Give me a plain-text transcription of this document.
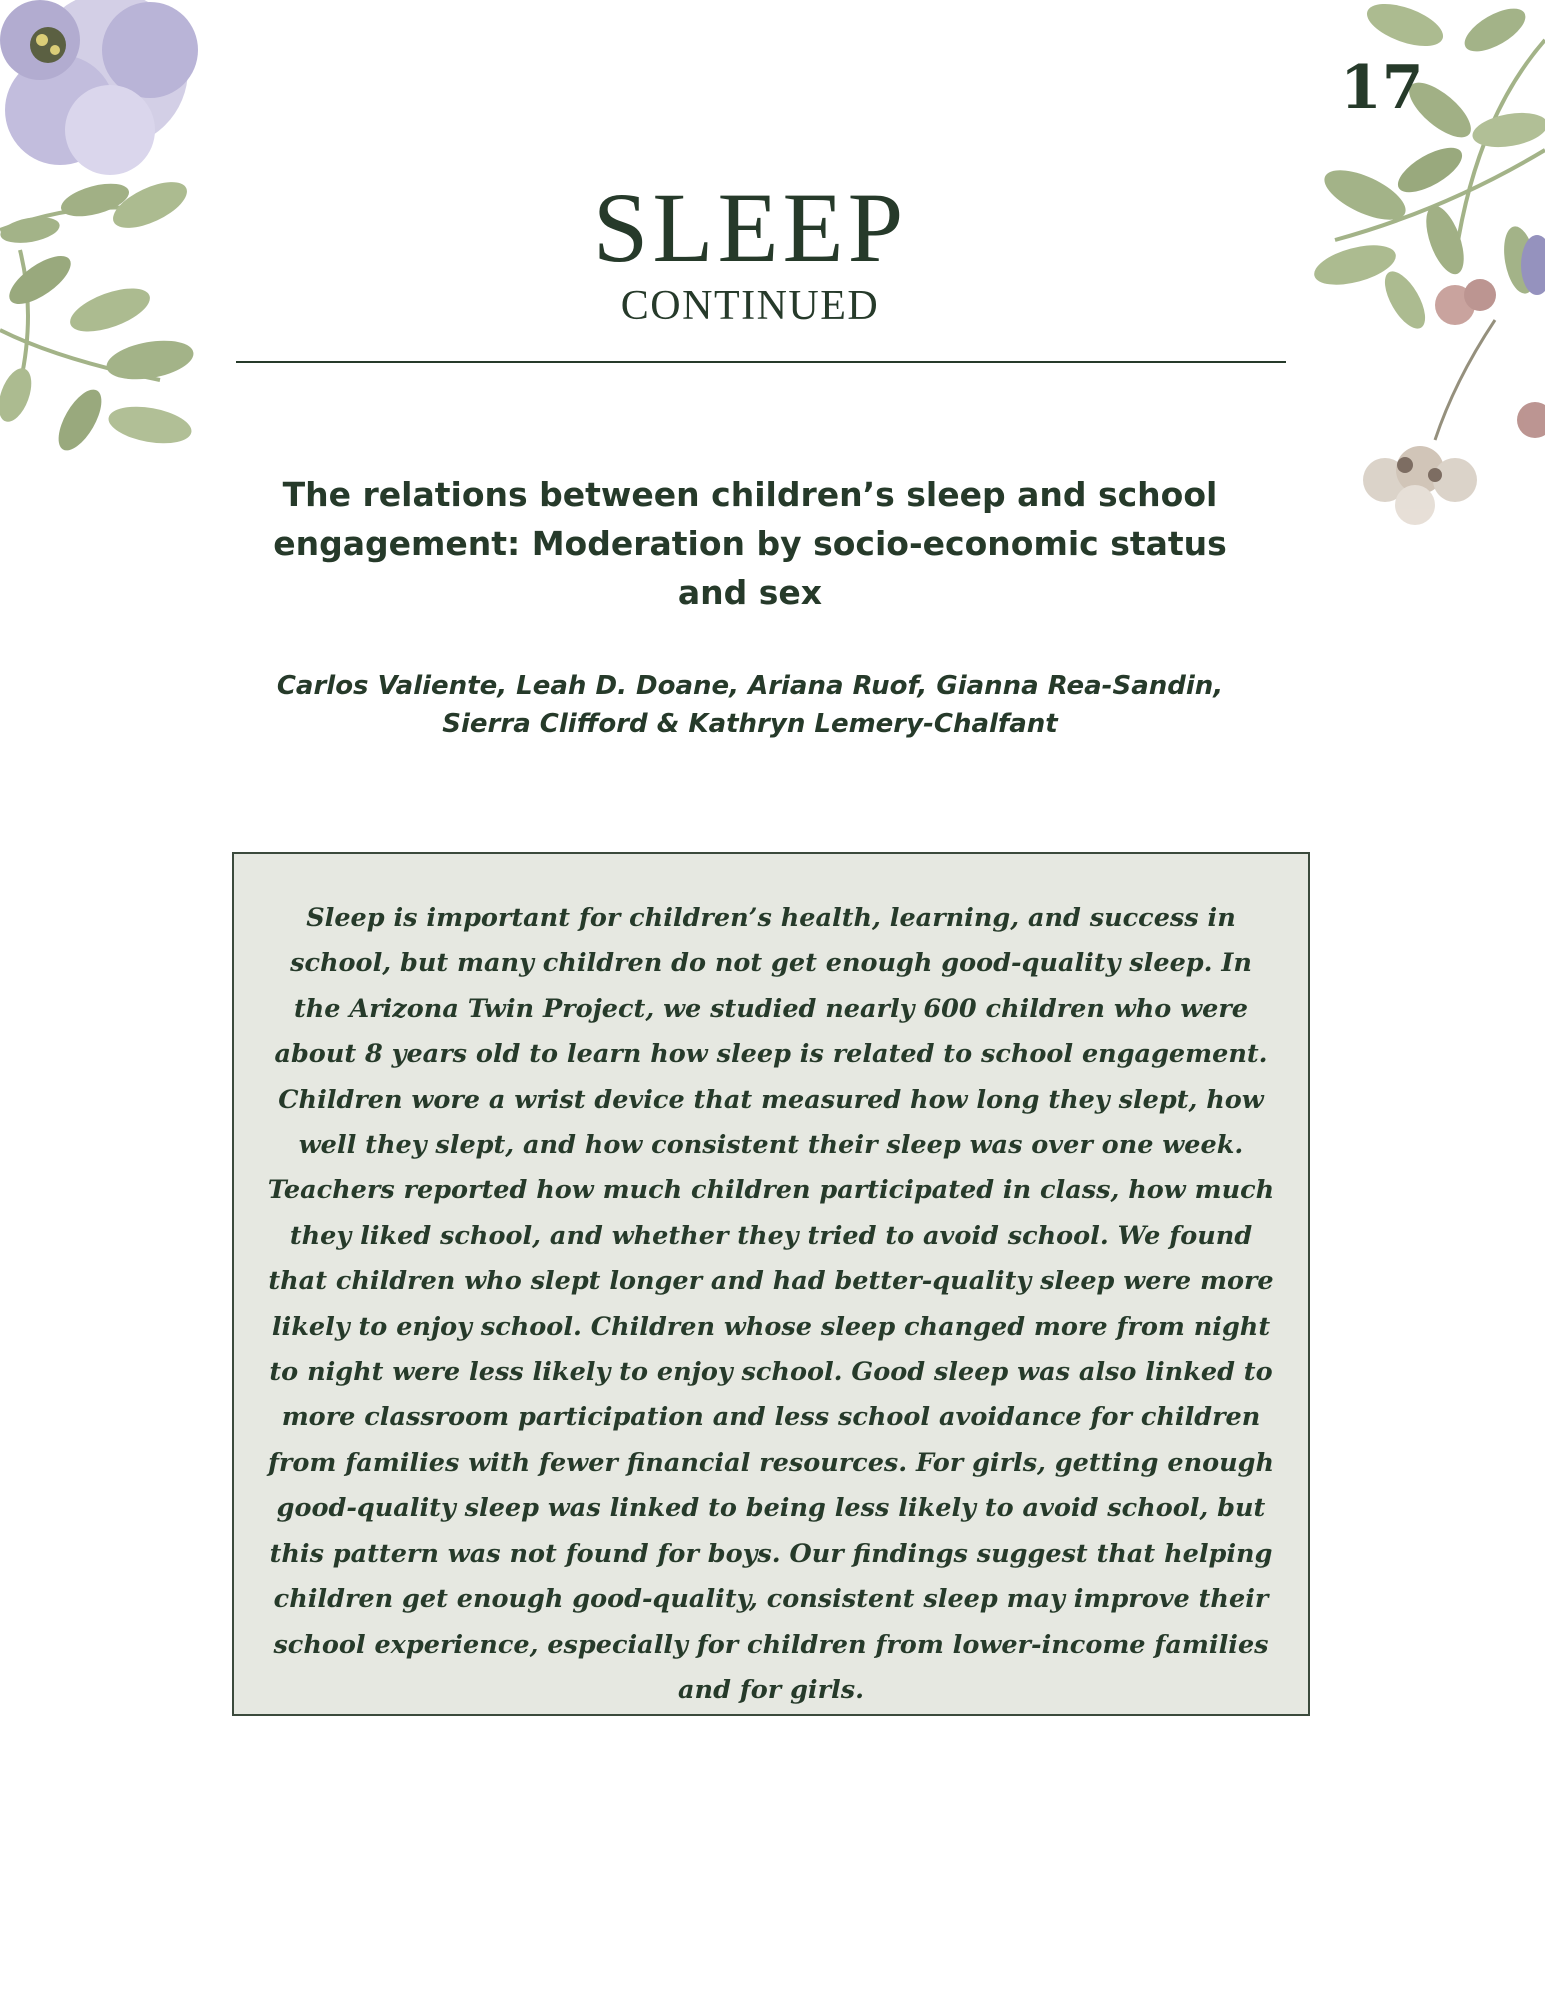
17
SLEEP
CONTINUED
The relations between children’s sleep and school engagement: Moderation by socio-economic status and sex
Carlos Valiente, Leah D. Doane, Ariana Ruof, Gianna Rea-Sandin,
Sierra Clifford & Kathryn Lemery-Chalfant

Sleep is important for children’s health, learning, and success in school, but many children do not get enough good-quality sleep. In the Arizona Twin Project, we studied nearly 600 children who were about 8 years old to learn how sleep is related to school engagement. Children wore a wrist device that measured how long they slept, how well they slept, and how consistent their sleep was over one week. Teachers reported how much children participated in class, how much they liked school, and whether they tried to avoid school. We found that children who slept longer and had better-quality sleep were more likely to enjoy school. Children whose sleep changed more from night to night were less likely to enjoy school. Good sleep was also linked to more classroom participation and less school avoidance for children from families with fewer financial resources. For girls, getting enough good-quality sleep was linked to being less likely to avoid school, but this pattern was not found for boys. Our findings suggest that helping children get enough good-quality, consistent sleep may improve their school experience, especially for children from lower-income families and for girls.
